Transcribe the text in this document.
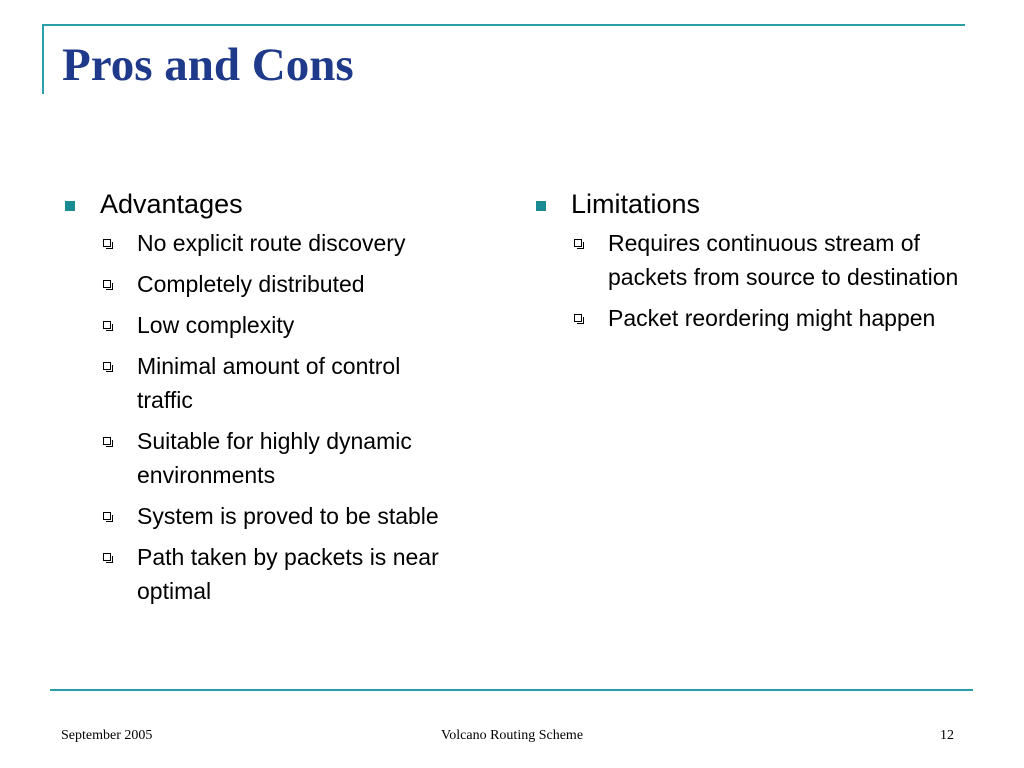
Pros and Cons
Advantages
No explicit route discovery
Completely distributed
Low complexity
Minimal amount of control traffic
Suitable for highly dynamic environments
System is proved to be stable
Path taken by packets is near optimal
Limitations
Requires continuous stream of packets from source to destination
Packet reordering might happen
September 2005	Volcano Routing Scheme	12
